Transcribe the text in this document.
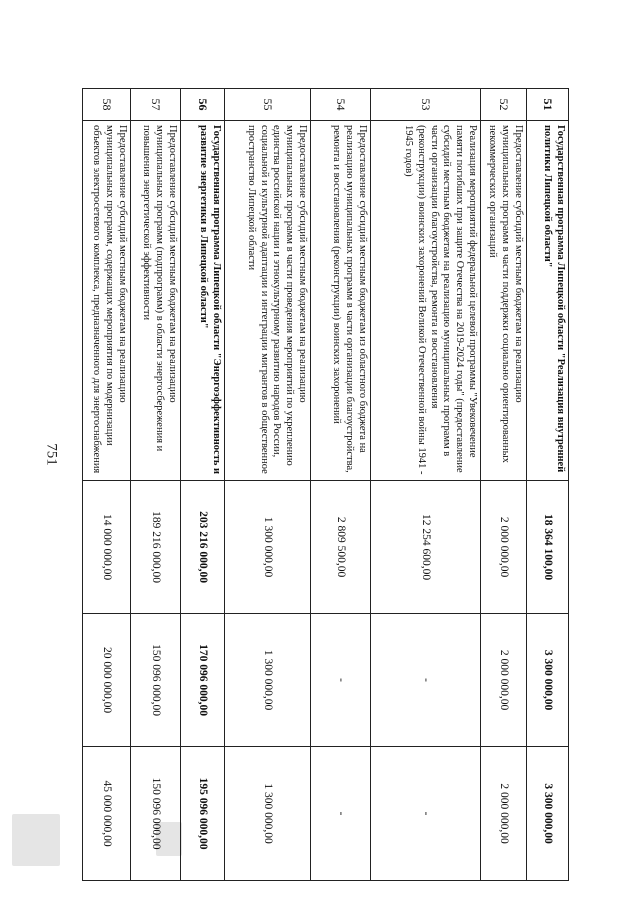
751
51	Государственная программа Липецкой области "Реализация внутренней политики Липецкой области"	18 364 100,00	3 300 000,00	3 300 000,00
52	Предоставление субсидий местным бюджетам на реализацию муниципальных программ в части поддержки социально ориентированных некоммерческих организаций	2 000 000,00	2 000 000,00	2 000 000,00
53	Реализация мероприятий федеральной целевой программы "Увековечение памяти погибших при защите Отечества на 2019-2024 годы" (предоставление субсидий местным бюджетам на реализацию муниципальных программ в части организации благоустройства, ремонта и восстановления (реконструкции) воинских захоронений Великой Отечественной войны 1941 - 1945 годов)	12 254 600,00	-	-
54	Предоставление субсидий местным бюджетам из областного бюджета на реализацию муниципальных программ в части организации благоустройства, ремонта и восстановления (реконструкции) воинских захоронений	2 809 500,00	-	-
55	Предоставление субсидий местным бюджетам на реализацию муниципальных программ в части проведения мероприятий по укреплению единства российской нации и этнокультурному развитию народов России, социальной и культурной адаптации и интеграции мигрантов в общественное пространство Липецкой области	1 300 000,00	1 300 000,00	1 300 000,00
56	Государственная программа Липецкой области "Энергоэффективность и развитие энергетики в Липецкой области"	203 216 000,00	170 096 000,00	195 096 000,00
57	Предоставление субсидий местным бюджетам на реализацию муниципальных программ (подпрограмм) в области энергосбережения и повышения энергетической эффективности	189 216 000,00	150 096 000,00	150 096 000,00
58	Предоставление субсидий местным бюджетам на реализацию муниципальных программ, содержащих мероприятия по модернизации объектов электросетевого комплекса, предназначенного для энергоснабжения	14 000 000,00	20 000 000,00	45 000 000,00
